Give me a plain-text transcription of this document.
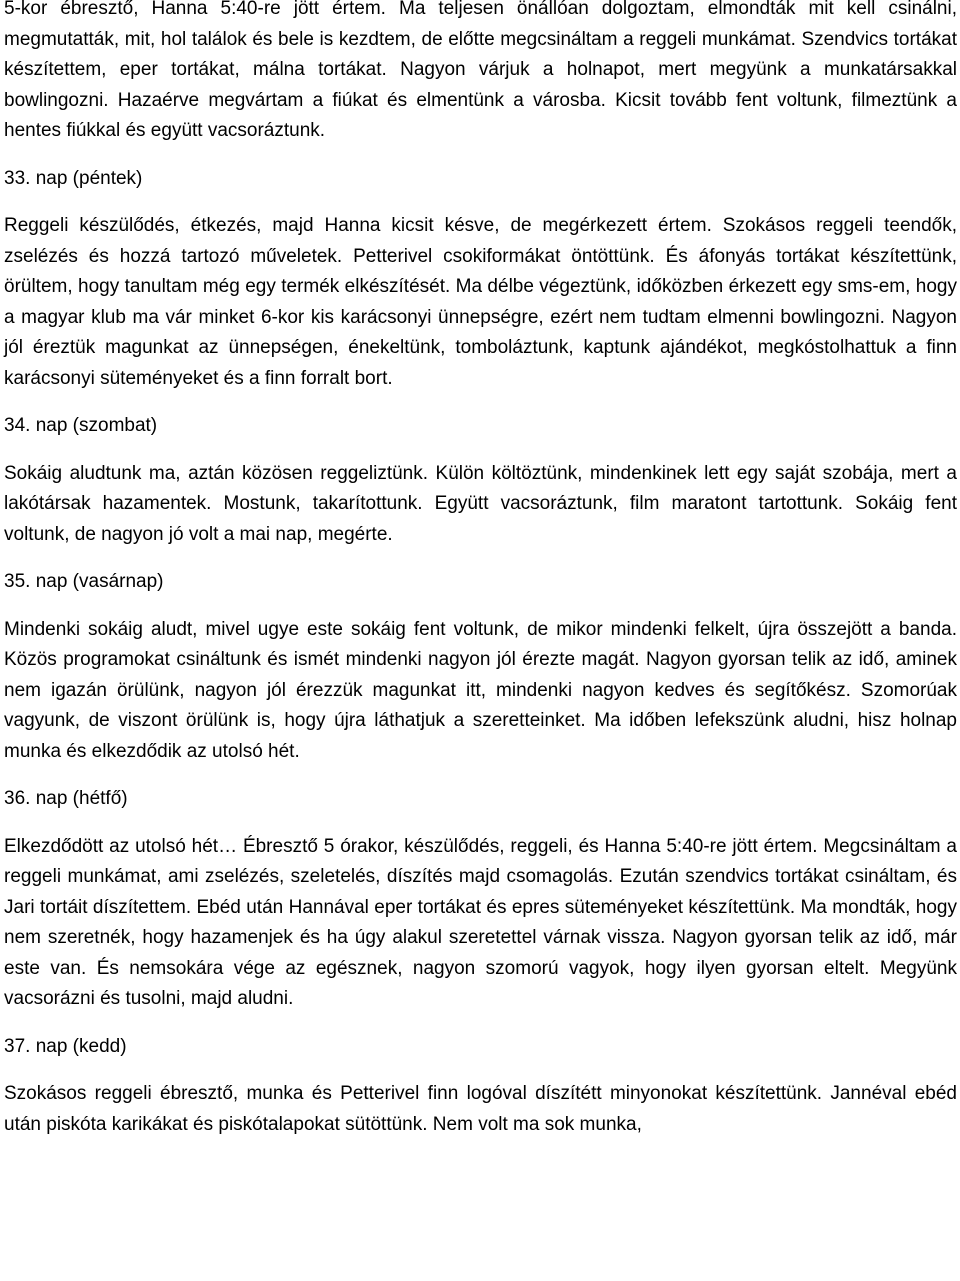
5-kor ébresztő, Hanna 5:40-re jött értem. Ma teljesen önállóan dolgoztam, elmondták mit kell csinálni, megmutatták, mit, hol találok és bele is kezdtem, de előtte megcsináltam a reggeli munkámat. Szendvics tortákat készítettem, eper tortákat, málna tortákat. Nagyon várjuk a holnapot, mert megyünk a munkatársakkal bowlingozni. Hazaérve megvártam a fiúkat és elmentünk a városba. Kicsit tovább fent voltunk, filmeztünk a hentes fiúkkal és együtt vacsoráztunk.

33. nap (péntek)

Reggeli készülődés, étkezés, majd Hanna kicsit késve, de megérkezett értem. Szokásos reggeli teendők, zselézés és hozzá tartozó műveletek. Petterivel csokiformákat öntöttünk. És áfonyás tortákat készítettünk, örültem, hogy tanultam még egy termék elkészítését. Ma délbe végeztünk, időközben érkezett egy sms-em, hogy a magyar klub ma vár minket 6-kor kis karácsonyi ünnepségre, ezért nem tudtam elmenni bowlingozni. Nagyon jól éreztük magunkat az ünnepségen, énekeltünk, tomboláztunk, kaptunk ajándékot, megkóstolhattuk a finn karácsonyi süteményeket és a finn forralt bort.

34. nap (szombat)

Sokáig aludtunk ma, aztán közösen reggeliztünk. Külön költöztünk, mindenkinek lett egy saját szobája, mert a lakótársak hazamentek. Mostunk, takarítottunk. Együtt vacsoráztunk, film maratont tartottunk. Sokáig fent voltunk, de nagyon jó volt a mai nap, megérte.

35. nap (vasárnap)

Mindenki sokáig aludt, mivel ugye este sokáig fent voltunk, de mikor mindenki felkelt, újra összejött a banda. Közös programokat csináltunk és ismét mindenki nagyon jól érezte magát. Nagyon gyorsan telik az idő, aminek nem igazán örülünk, nagyon jól érezzük magunkat itt, mindenki nagyon kedves és segítőkész. Szomorúak vagyunk, de viszont örülünk is, hogy újra láthatjuk a szeretteinket. Ma időben lefekszünk aludni, hisz holnap munka és elkezdődik az utolsó hét.

36. nap (hétfő)

Elkezdődött az utolsó hét… Ébresztő 5 órakor, készülődés, reggeli, és Hanna 5:40-re jött értem. Megcsináltam a reggeli munkámat, ami zselézés, szeletelés, díszítés majd csomagolás. Ezután szendvics tortákat csináltam, és Jari tortáit díszítettem. Ebéd után Hannával eper tortákat és epres süteményeket készítettünk. Ma mondták, hogy nem szeretnék, hogy hazamenjek és ha úgy alakul szeretettel várnak vissza. Nagyon gyorsan telik az idő, már este van. És nemsokára vége az egésznek, nagyon szomorú vagyok, hogy ilyen gyorsan eltelt. Megyünk vacsorázni és tusolni, majd aludni.

37. nap (kedd)

Szokásos reggeli ébresztő, munka és Petterivel finn logóval díszítétt minyonokat készítettünk. Jannéval ebéd után piskóta karikákat és piskótalapokat sütöttünk. Nem volt ma sok munka,
